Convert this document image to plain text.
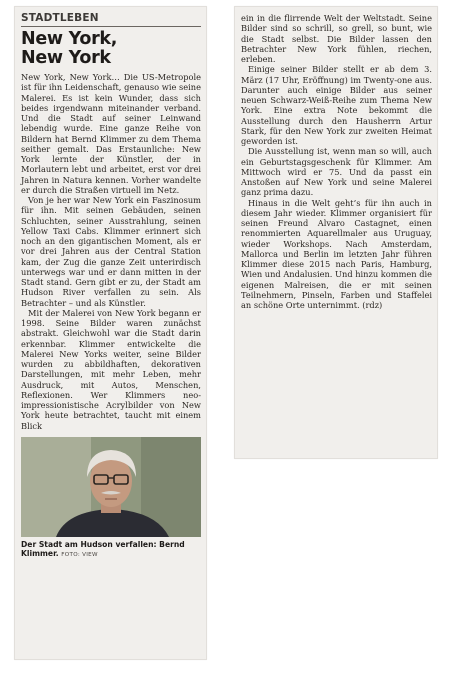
STADTLEBEN
New York,
New York

New York, New York… Die US-Metropole ist für ihn Leidenschaft, genauso wie seine Malerei. Es ist kein Wunder, dass sich beides irgendwann miteinander verband. Und die Stadt auf seiner Leinwand lebendig wurde. Eine ganze Reihe von Bildern hat Bernd Klimmer zu dem Thema seither gemalt. Das Erstaunliche: New York lernte der Künstler, der in Morlautern lebt und arbeitet, erst vor drei Jahren in Natura kennen. Vorher wandelte er durch die Straßen virtuell im Netz.

Von je her war New York ein Faszinosum für ihn. Mit seinen Gebäuden, seinen Schluchten, seiner Ausstrahlung, seinen Yellow Taxi Cabs. Klimmer erinnert sich noch an den gigantischen Moment, als er vor drei Jahren aus der Central Station kam, der Zug die ganze Zeit unterirdisch unterwegs war und er dann mitten in der Stadt stand. Gern gibt er zu, der Stadt am Hudson River verfallen zu sein. Als Betrachter – und als Künstler.

Mit der Malerei von New York begann er 1998. Seine Bilder waren zunächst abstrakt. Gleichwohl war die Stadt darin erkennbar. Klimmer entwickelte die Malerei New Yorks weiter, seine Bilder wurden zu abbildhaften, dekorativen Darstellungen, mit mehr Leben, mehr Ausdruck, mit Autos, Menschen, Reflexionen. Wer Klimmers neo-impressionistische Acrylbilder von New York heute betrachtet, taucht mit einem Blick

Der Stadt am Hudson verfallen: Bernd Klimmer. FOTO: VIEW

ein in die flirrende Welt der Weltstadt. Seine Bilder sind so schrill, so grell, so bunt, wie die Stadt selbst. Die Bilder lassen den Betrachter New York fühlen, riechen, erleben.

Einige seiner Bilder stellt er ab dem 3. März (17 Uhr, Eröffnung) im Twenty-one aus. Darunter auch einige Bilder aus seiner neuen Schwarz-Weiß-Reihe zum Thema New York. Eine extra Note bekommt die Ausstellung durch den Hausherrn Artur Stark, für den New York zur zweiten Heimat geworden ist.

Die Ausstellung ist, wenn man so will, auch ein Geburtstagsgeschenk für Klimmer. Am Mittwoch wird er 75. Und da passt ein Anstoßen auf New York und seine Malerei ganz prima dazu.

Hinaus in die Welt geht’s für ihn auch in diesem Jahr wieder. Klimmer organisiert für seinen Freund Alvaro Castagnet, einen renommierten Aquarellmaler aus Uruguay, wieder Workshops. Nach Amsterdam, Mallorca und Berlin im letzten Jahr führen Klimmer diese 2015 nach Paris, Hamburg, Wien und Andalusien. Und hinzu kommen die eigenen Malreisen, die er mit seinen Teilnehmern, Pinseln, Farben und Staffelei an schöne Orte unternimmt. (rdz)
